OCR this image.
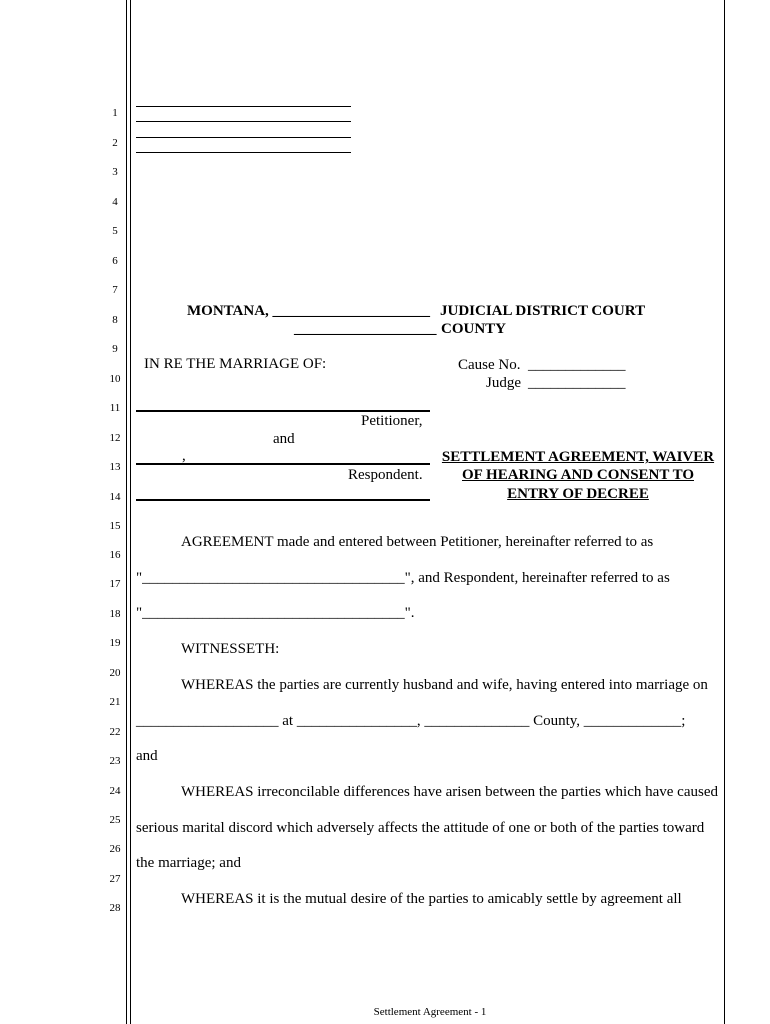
1
2
3
4
5
6
7
8
9
10
11
12
13
14
15
16
17
18
19
20
21
22
23
24
25
26
27
28
MONTANA, _____________________ JUDICIAL DISTRICT COURT
___________________ COUNTY
IN RE THE MARRIAGE OF:	Cause No. _____________
Judge _____________
Petitioner,
and
,
Respondent.
SETTLEMENT AGREEMENT, WAIVER
OF HEARING AND CONSENT TO
ENTRY OF DECREE
AGREEMENT made and entered between Petitioner, hereinafter referred to as
"___________________________________", and Respondent, hereinafter referred to as
"___________________________________".
WITNESSETH:
WHEREAS the parties are currently husband and wife, having entered into marriage on
___________________ at ________________, ______________ County, _____________;
and
WHEREAS irreconcilable differences have arisen between the parties which have caused
serious marital discord which adversely affects the attitude of one or both of the parties toward
the marriage; and
WHEREAS it is the mutual desire of the parties to amicably settle by agreement all
Settlement Agreement - 1
